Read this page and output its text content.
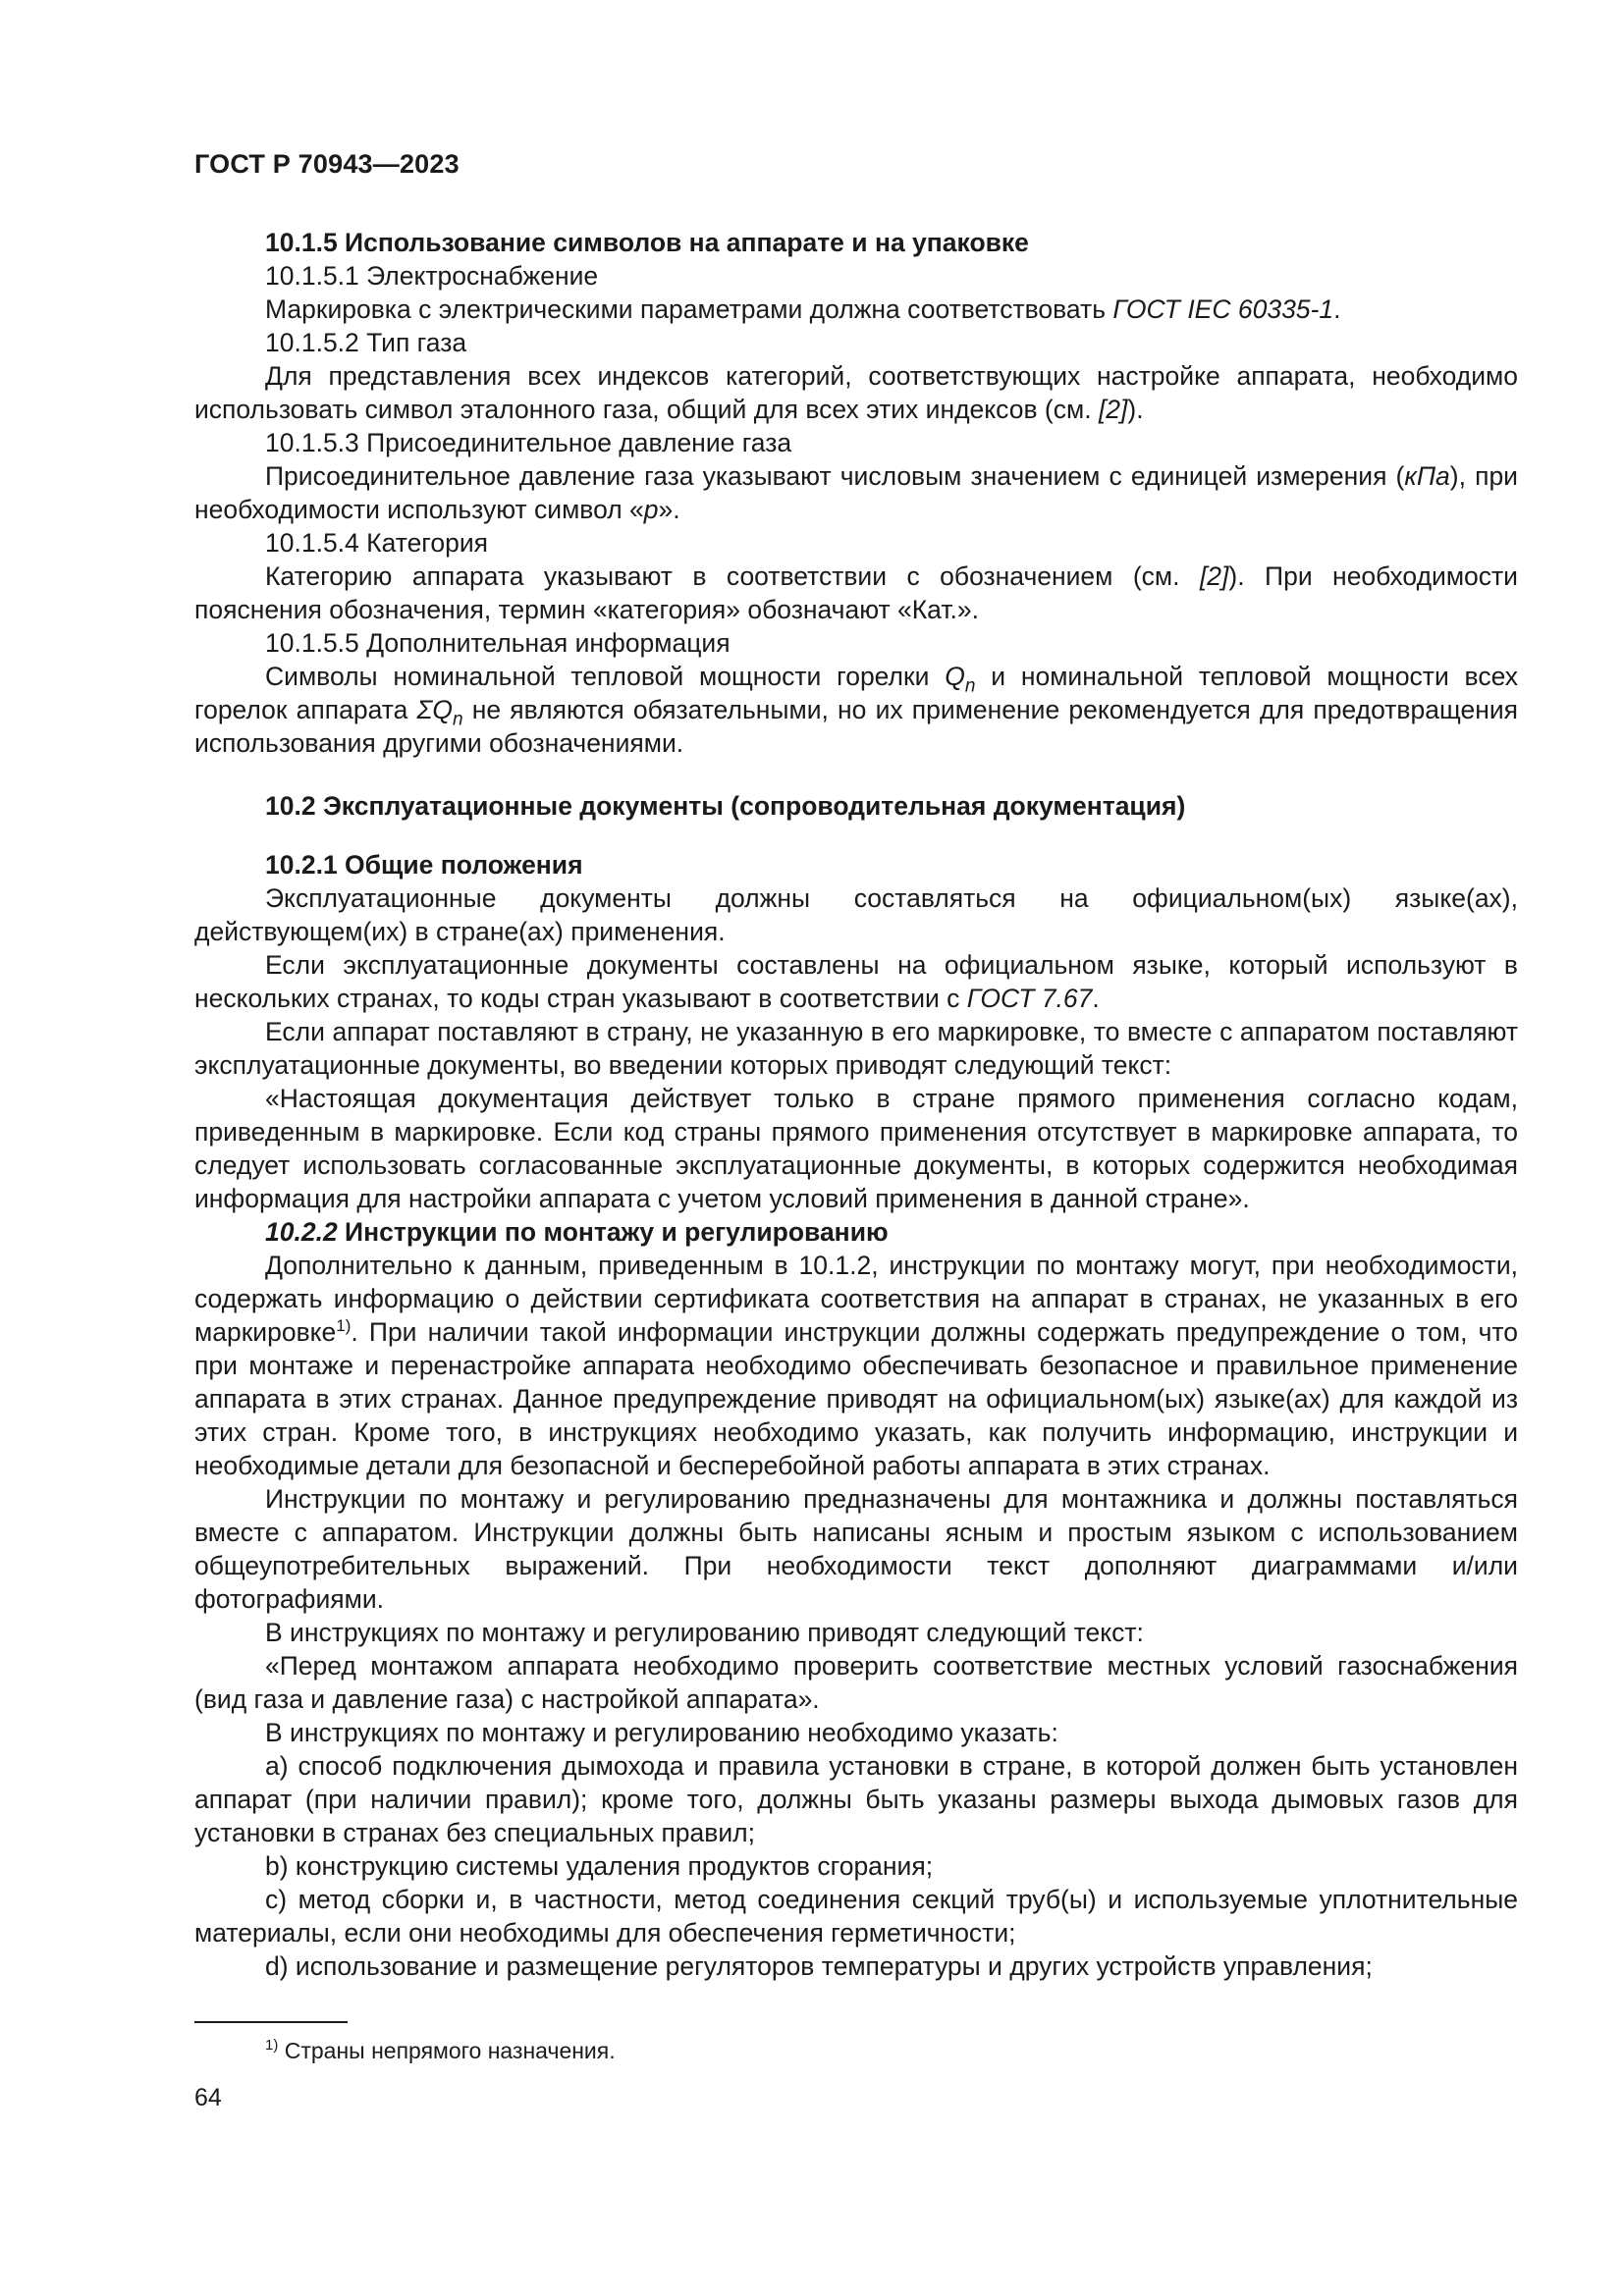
ГОСТ Р 70943—2023

10.1.5 Использование символов на аппарате и на упаковке

10.1.5.1 Электроснабжение

Маркировка с электрическими параметрами должна соответствовать ГОСТ IEC 60335-1.

10.1.5.2 Тип газа

Для представления всех индексов категорий, соответствующих настройке аппарата, необходимо использовать символ эталонного газа, общий для всех этих индексов (см. [2]).

10.1.5.3 Присоединительное давление газа

Присоединительное давление газа указывают числовым значением с единицей измерения (кПа), при необходимости используют символ «р».

10.1.5.4 Категория

Категорию аппарата указывают в соответствии с обозначением (см. [2]). При необходимости пояснения обозначения, термин «категория» обозначают «Кат.».

10.1.5.5 Дополнительная информация

Символы номинальной тепловой мощности горелки $Q_n$ и номинальной тепловой мощности всех горелок аппарата $\Sigma Q_n$ не являются обязательными, но их применение рекомендуется для предотвращения использования другими обозначениями.

10.2 Эксплуатационные документы (сопроводительная документация)

10.2.1 Общие положения

Эксплуатационные документы должны составляться на официальном(ых) языке(ах), действующем(их) в стране(ах) применения.

Если эксплуатационные документы составлены на официальном языке, который используют в нескольких странах, то коды стран указывают в соответствии с ГОСТ 7.67.

Если аппарат поставляют в страну, не указанную в его маркировке, то вместе с аппаратом поставляют эксплуатационные документы, во введении которых приводят следующий текст:

«Настоящая документация действует только в стране прямого применения согласно кодам, приведенным в маркировке. Если код страны прямого применения отсутствует в маркировке аппарата, то следует использовать согласованные эксплуатационные документы, в которых содержится необходимая информация для настройки аппарата с учетом условий применения в данной стране».

10.2.2 Инструкции по монтажу и регулированию

Дополнительно к данным, приведенным в 10.1.2, инструкции по монтажу могут, при необходимости, содержать информацию о действии сертификата соответствия на аппарат в странах, не указанных в его маркировке$^{1)}$. При наличии такой информации инструкции должны содержать предупреждение о том, что при монтаже и перенастройке аппарата необходимо обеспечивать безопасное и правильное применение аппарата в этих странах. Данное предупреждение приводят на официальном(ых) языке(ах) для каждой из этих стран. Кроме того, в инструкциях необходимо указать, как получить информацию, инструкции и необходимые детали для безопасной и бесперебойной работы аппарата в этих странах.

Инструкции по монтажу и регулированию предназначены для монтажника и должны поставляться вместе с аппаратом. Инструкции должны быть написаны ясным и простым языком с использованием общеупотребительных выражений. При необходимости текст дополняют диаграммами и/или фотографиями.

В инструкциях по монтажу и регулированию приводят следующий текст:

«Перед монтажом аппарата необходимо проверить соответствие местных условий газоснабжения (вид газа и давление газа) с настройкой аппарата».

В инструкциях по монтажу и регулированию необходимо указать:

a) способ подключения дымохода и правила установки в стране, в которой должен быть установлен аппарат (при наличии правил); кроме того, должны быть указаны размеры выхода дымовых газов для установки в странах без специальных правил;

b) конструкцию системы удаления продуктов сгорания;

c) метод сборки и, в частности, метод соединения секций труб(ы) и используемые уплотнительные материалы, если они необходимы для обеспечения герметичности;

d) использование и размещение регуляторов температуры и других устройств управления;

$^{1)}$ Страны непрямого назначения.
64
